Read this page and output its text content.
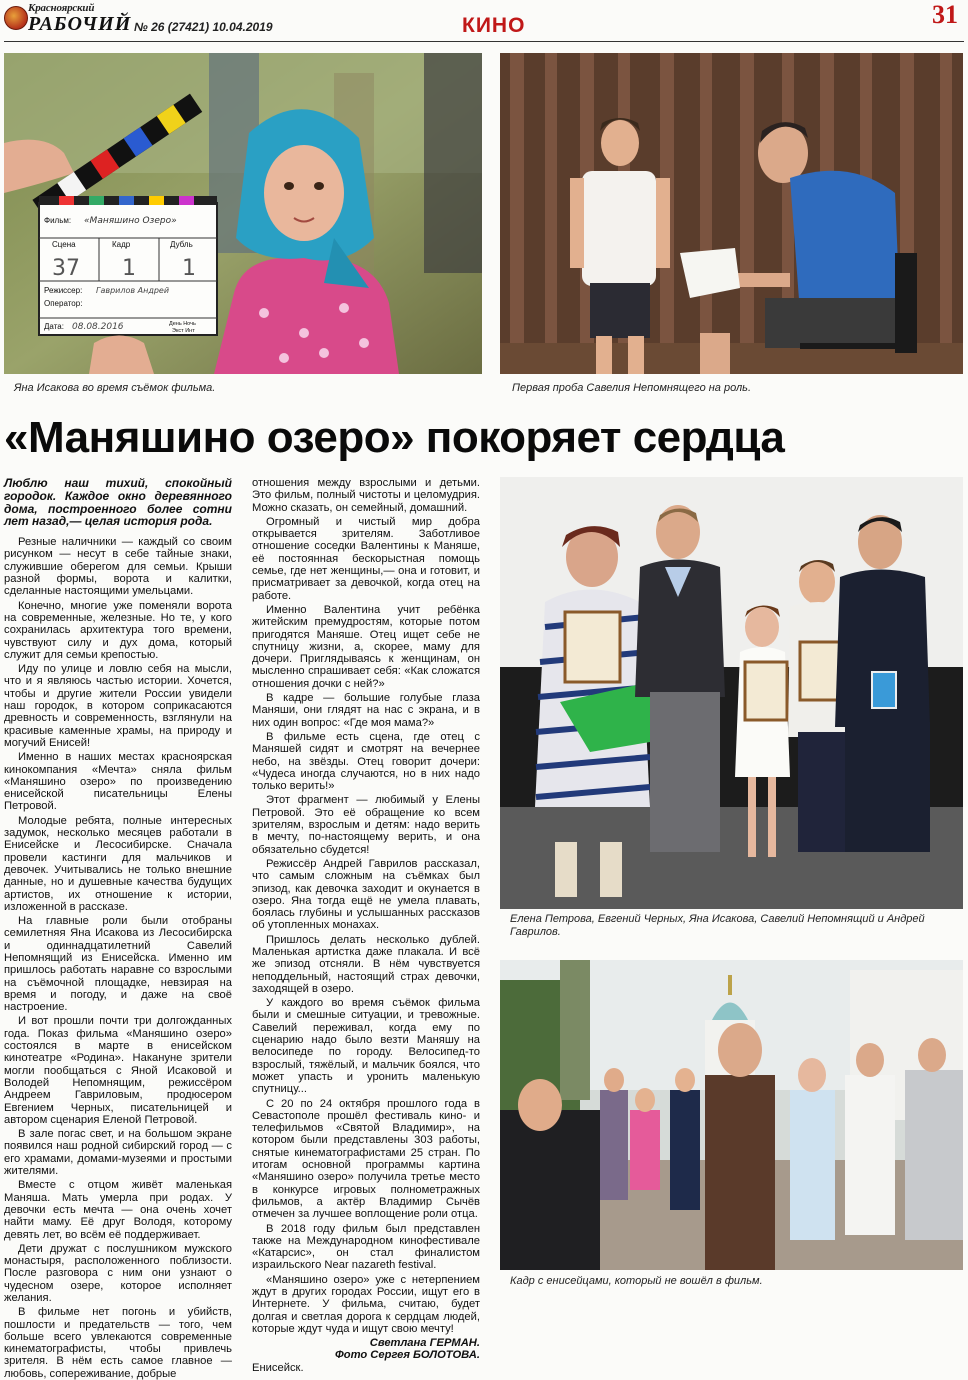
Красноярский
РАБОЧИЙ № 26 (27421) 10.04.2019	КИНО	31
Фильм: «Маняшино Озеро»
Сцена	Кадр	Дубль
37 1 1
Режиссер: Гаврилов Андрей
Оператор:
Дата: 08.08.2016	День Ночь
Экст Инт
Яна Исакова во время съёмок фильма.	Первая проба Савелия Непомнящего на роль.
«Маняшино озеро» покоряет сердца

Люблю наш тихий, спокойный городок. Каждое окно деревянного дома, построенного более сотни лет назад,— целая история рода.

Резные наличники — каждый со своим рисунком — несут в себе тайные знаки, служившие оберегом для семьи. Крыши разной формы, ворота и калитки, сделанные настоящими умельцами.

Конечно, многие уже поменяли ворота на современные, железные. Но те, у кого сохранилась архитектура того времени, чувствуют силу и дух дома, который служит для семьи крепостью.

Иду по улице и ловлю себя на мысли, что и я являюсь частью истории. Хочется, чтобы и другие жители России увидели наш городок, в котором соприкасаются древность и современность, взглянули на красивые каменные храмы, на природу и могучий Енисей!

Именно в наших местах красноярская кинокомпания «Мечта» сняла фильм «Маняшино озеро» по произведению енисейской писательницы Елены Петровой.

Молодые ребята, полные интересных задумок, несколько месяцев работали в Енисейске и Лесосибирске. Сначала провели кастинги для мальчиков и девочек. Учитывались не только внешние данные, но и душевные качества будущих артистов, их отношение к истории, изложенной в рассказе.

На главные роли были отобраны семилетняя Яна Исакова из Лесосибирска и одиннадцатилетний Савелий Непомнящий из Енисейска. Именно им пришлось работать наравне со взрослыми на съёмочной площадке, невзирая на время и погоду, и даже на своё настроение.

И вот прошли почти три долгожданных года. Показ фильма «Маняшино озеро» состоялся в марте в енисейском кинотеатре «Родина». Накануне зрители могли пообщаться с Яной Исаковой и Володей Непомнящим, режиссёром Андреем Гавриловым, продюсером Евгением Черных, писательницей и автором сценария Еленой Петровой.

В зале погас свет, и на большом экране появился наш родной сибирский город — с его храмами, домами-музеями и простыми жителями.

Вместе с отцом живёт маленькая Маняша. Мать умерла при родах. У девочки есть мечта — она очень хочет найти маму. Её друг Володя, которому девять лет, во всём её поддерживает.

Дети дружат с послушником мужского монастыря, расположенного поблизости. После разговора с ним они узнают о чудесном озере, которое исполняет желания.

В фильме нет погонь и убийств, пошлости и предательств — того, чем больше всего увлекаются современные кинематографисты, чтобы привлечь зрителя. В нём есть самое главное — любовь, сопереживание, добрые

отношения между взрослыми и детьми. Это фильм, полный чистоты и целомудрия. Можно сказать, он семейный, домашний.

Огромный и чистый мир добра открывается зрителям. Заботливое отношение соседки Валентины к Маняше, её постоянная бескорыстная помощь семье, где нет женщины,— она и готовит, и присматривает за девочкой, когда отец на работе.

Именно Валентина учит ребёнка житейским премудростям, которые потом пригодятся Маняше. Отец ищет себе не спутницу жизни, а, скорее, маму для дочери. Приглядываясь к женщинам, он мысленно спрашивает себя: «Как сложатся отношения дочки с ней?»

В кадре — большие голубые глаза Маняши, они глядят на нас с экрана, и в них один вопрос: «Где моя мама?»

В фильме есть сцена, где отец с Маняшей сидят и смотрят на вечернее небо, на звёзды. Отец говорит дочери: «Чудеса иногда случаются, но в них надо только верить!»

Этот фрагмент — любимый у Елены Петровой. Это её обращение ко всем зрителям, взрослым и детям: надо верить в мечту, по-настоящему верить, и она обязательно сбудется!

Режиссёр Андрей Гаврилов рассказал, что самым сложным на съёмках был эпизод, как девочка заходит и окунается в озеро. Яна тогда ещё не умела плавать, боялась глубины и услышанных рассказов об утопленных монахах.

Пришлось делать несколько дублей. Маленькая артистка даже плакала. И всё же эпизод отсняли. В нём чувствуется неподдельный, настоящий страх девочки, заходящей в озеро.

У каждого во время съёмок фильма были и смешные ситуации, и тревожные. Савелий переживал, когда ему по сценарию надо было везти Маняшу на велосипеде по городу. Велосипед-то взрослый, тяжёлый, и мальчик боялся, что может упасть и уронить маленькую спутницу...

С 20 по 24 октября прошлого года в Севастополе прошёл фестиваль кино- и телефильмов «Святой Владимир», на котором были представлены 303 работы, снятые кинематографистами 25 стран. По итогам основной программы картина «Маняшино озеро» получила третье место в конкурсе игровых полнометражных фильмов, а актёр Владимир Сычёв отмечен за лучшее воплощение роли отца.

В 2018 году фильм был представлен также на Международном кинофестивале «Катарсис», он стал финалистом израильского Near nazareth festival.

«Маняшино озеро» уже с нетерпением ждут в других городах России, ищут его в Интернете. У фильма, считаю, будет долгая и светлая дорога к сердцам людей, которые ждут чуда и ищут свою мечту!

Светлана ГЕРМАН.

Фото Сергея БОЛОТОВА.

Енисейск.

Елена Петрова, Евгений Черных, Яна Исакова, Савелий Непомнящий и Андрей Гаврилов.
Кадр с енисейцами, который не вошёл в фильм.
